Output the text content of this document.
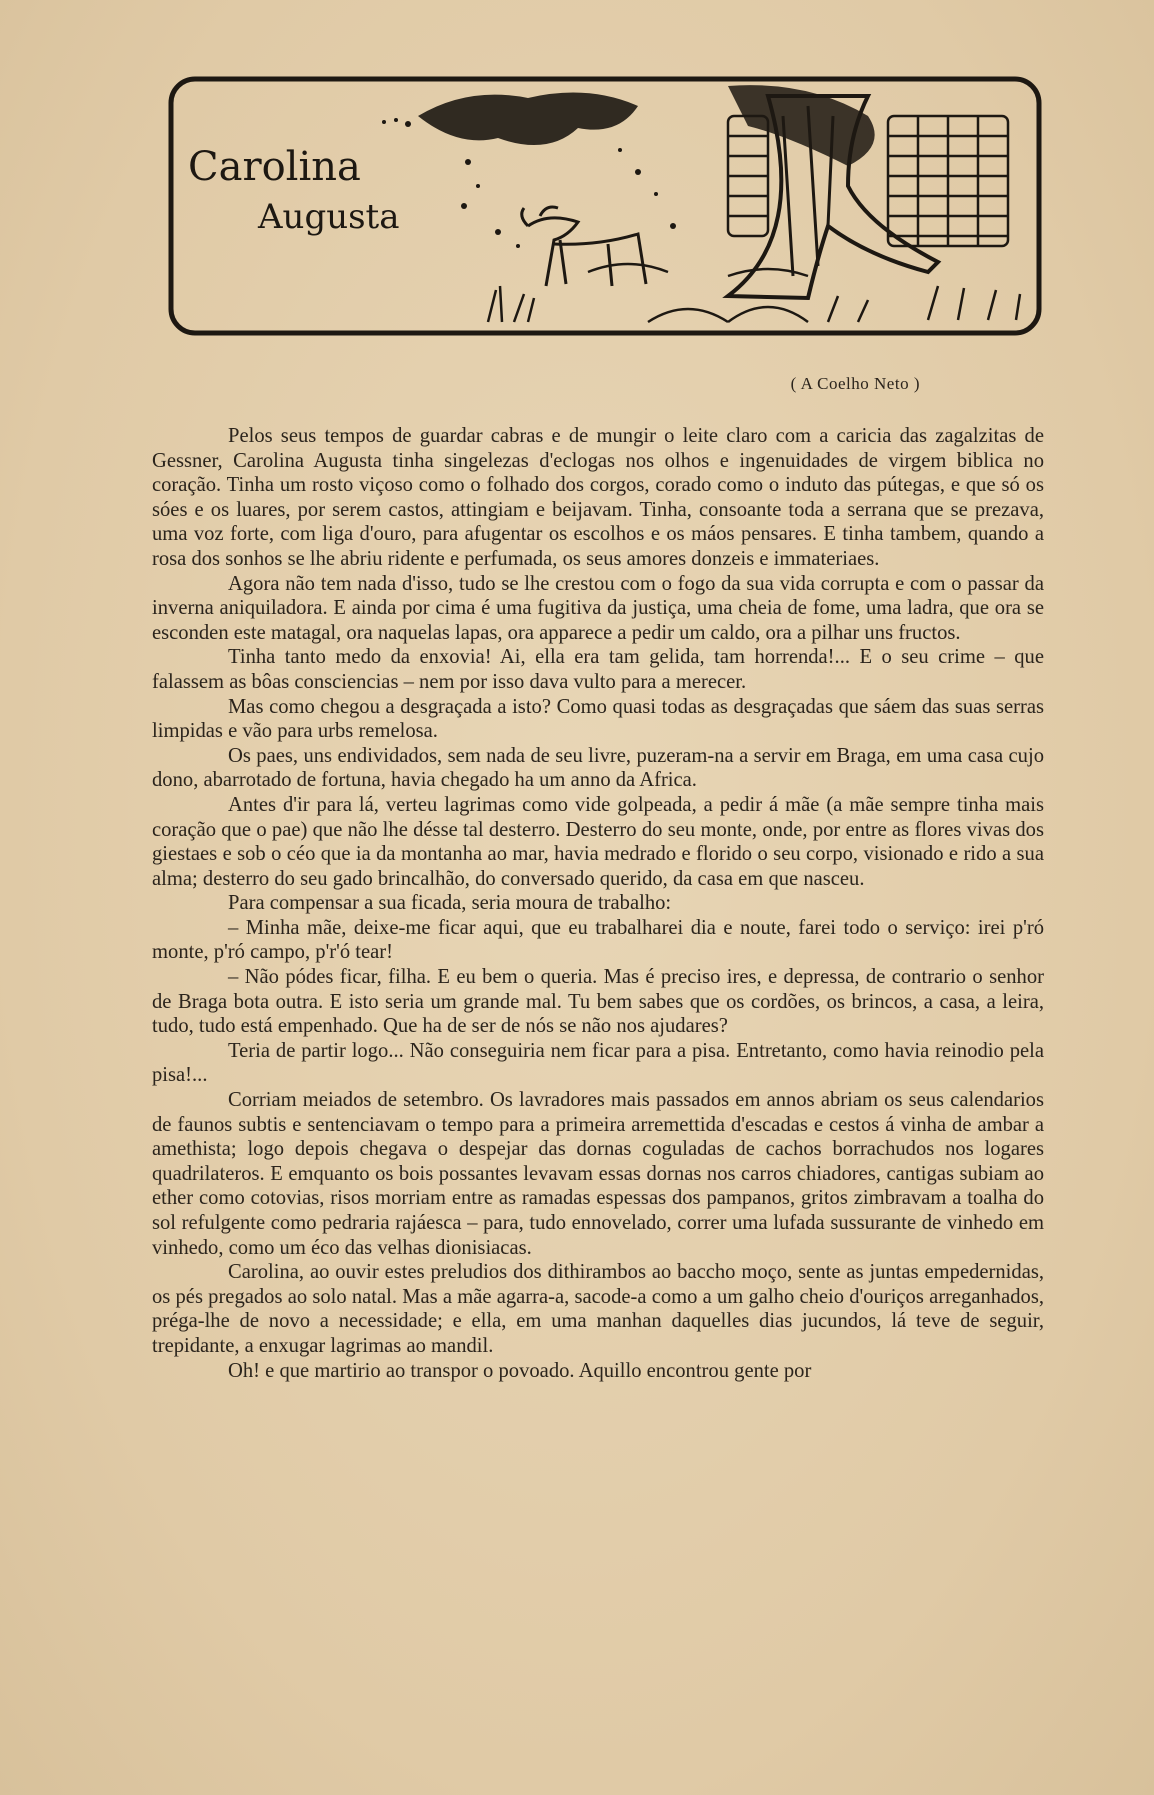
Carolina
Augusta
( A Coelho Neto )

Pelos seus tempos de guardar cabras e de mungir o leite claro com a caricia das zagalzitas de Gessner, Carolina Augusta tinha singelezas d'eclogas nos olhos e ingenuidades de virgem biblica no coração. Tinha um rosto viçoso como o folhado dos corgos, corado como o induto das pútegas, e que só os sóes e os luares, por serem castos, attingiam e beijavam. Tinha, consoante toda a serrana que se prezava, uma voz forte, com liga d'ouro, para afugentar os escolhos e os máos pensares. E tinha tambem, quando a rosa dos sonhos se lhe abriu ridente e perfumada, os seus amores donzeis e immateriaes.

Agora não tem nada d'isso, tudo se lhe crestou com o fogo da sua vida corrupta e com o passar da inverna aniquiladora. E ainda por cima é uma fugitiva da justiça, uma cheia de fome, uma ladra, que ora se esconden este matagal, ora naquelas lapas, ora apparece a pedir um caldo, ora a pilhar uns fructos.

Tinha tanto medo da enxovia! Ai, ella era tam gelida, tam horrenda!... E o seu crime – que falassem as bôas consciencias – nem por isso dava vulto para a merecer.

Mas como chegou a desgraçada a isto? Como quasi todas as desgraçadas que sáem das suas serras limpidas e vão para urbs remelosa.

Os paes, uns endividados, sem nada de seu livre, puzeram-na a servir em Braga, em uma casa cujo dono, abarrotado de fortuna, havia chegado ha um anno da Africa.

Antes d'ir para lá, verteu lagrimas como vide golpeada, a pedir á mãe (a mãe sempre tinha mais coração que o pae) que não lhe désse tal desterro. Desterro do seu monte, onde, por entre as flores vivas dos giestaes e sob o céo que ia da montanha ao mar, havia medrado e florido o seu corpo, visionado e rido a sua alma; desterro do seu gado brincalhão, do conversado querido, da casa em que nasceu.

Para compensar a sua ficada, seria moura de trabalho:

– Minha mãe, deixe-me ficar aqui, que eu trabalharei dia e noute, farei todo o serviço: irei p'ró monte, p'ró campo, p'r'ó tear!

– Não pódes ficar, filha. E eu bem o queria. Mas é preciso ires, e depressa, de contrario o senhor de Braga bota outra. E isto seria um grande mal. Tu bem sabes que os cordões, os brincos, a casa, a leira, tudo, tudo está empenhado. Que ha de ser de nós se não nos ajudares?

Teria de partir logo... Não conseguiria nem ficar para a pisa. Entretanto, como havia reinodio pela pisa!...

Corriam meiados de setembro. Os lavradores mais passados em annos abriam os seus calendarios de faunos subtis e sentenciavam o tempo para a primeira arremettida d'escadas e cestos á vinha de ambar a amethista; logo depois chegava o despejar das dornas coguladas de cachos borrachudos nos logares quadrilateros. E emquanto os bois possantes levavam essas dornas nos carros chiadores, cantigas subiam ao ether como cotovias, risos morriam entre as ramadas espessas dos pampanos, gritos zimbravam a toalha do sol refulgente como pedraria rajáesca – para, tudo ennovelado, correr uma lufada sussurante de vinhedo em vinhedo, como um éco das velhas dionisiacas.

Carolina, ao ouvir estes preludios dos dithirambos ao baccho moço, sente as juntas empedernidas, os pés pregados ao solo natal. Mas a mãe agarra-a, sacode-a como a um galho cheio d'ouriços arreganhados, préga-lhe de novo a necessidade; e ella, em uma manhan daquelles dias jucundos, lá teve de seguir, trepidante, a enxugar lagrimas ao mandil.

Oh! e que martirio ao transpor o povoado. Aquillo encontrou gente por
